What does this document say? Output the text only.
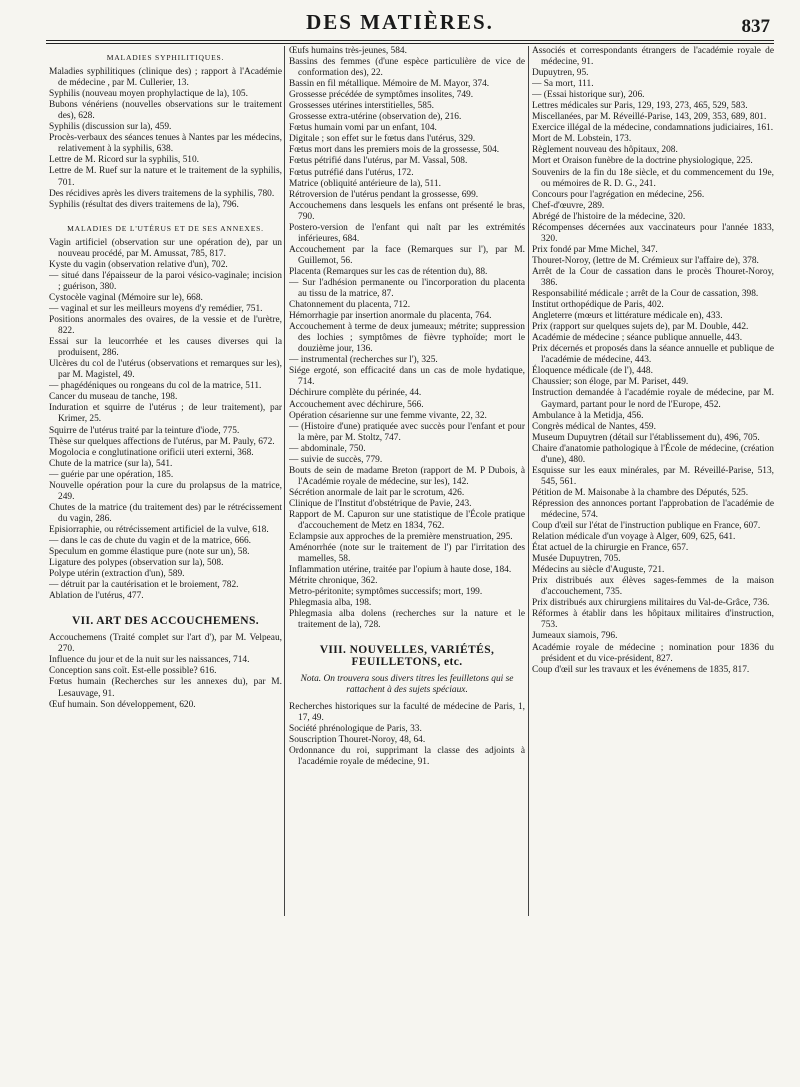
DES MATIÈRES.	837
MALADIES SYPHILITIQUES.

Maladies syphilitiques (clinique des) ; rapport à l'Académie de médecine , par M. Cullerier, 13.

Syphilis (nouveau moyen prophylactique de la), 105.

Bubons vénériens (nouvelles observations sur le traitement des), 628.

Syphilis (discussion sur la), 459.

Procès-verbaux des séances tenues à Nantes par les médecins, relativement à la syphilis, 638.

Lettre de M. Ricord sur la syphilis, 510.

Lettre de M. Ruef sur la nature et le traitement de la syphilis, 701.

Des récidives après les divers traitemens de la syphilis, 780.

Syphilis (résultat des divers traitemens de la), 796.

MALADIES DE L'UTÉRUS ET DE SES ANNEXES.

Vagin artificiel (observation sur une opération de), par un nouveau procédé, par M. Amussat, 785, 817.

Kyste du vagin (observation relative d'un), 702.

— situé dans l'épaisseur de la paroi vésico-vaginale; incision ; guérison, 380.

Cystocèle vaginal (Mémoire sur le), 668.

— vaginal et sur les meilleurs moyens d'y remédier, 751.

Positions anormales des ovaires, de la vessie et de l'urètre, 822.

Essai sur la leucorrhée et les causes diverses qui la produisent, 286.

Ulcères du col de l'utérus (observations et remarques sur les), par M. Magistel, 49.

— phagédéniques ou rongeans du col de la matrice, 511.

Cancer du museau de tanche, 198.

Induration et squirre de l'utérus ; de leur traitement), par Krimer, 25.

Squirre de l'utérus traité par la teinture d'iode, 775.

Thèse sur quelques affections de l'utérus, par M. Pauly, 672.

Mogolocia e conglutinatione orificii uteri externi, 368.

Chute de la matrice (sur la), 541.

— guérie par une opération, 185.

Nouvelle opération pour la cure du prolapsus de la matrice, 249.

Chutes de la matrice (du traitement des) par le rétrécissement du vagin, 286.

Episiorraphie, ou rétrécissement artificiel de la vulve, 618.

— dans le cas de chute du vagin et de la matrice, 666.

Speculum en gomme élastique pure (note sur un), 58.

Ligature des polypes (observation sur la), 508.

Polype utérin (extraction d'un), 589.

— détruit par la cautérisation et le broiement, 782.

Ablation de l'utérus, 477.

VII. ART DES ACCOUCHEMENS.

Accouchemens (Traité complet sur l'art d'), par M. Velpeau, 270.

Influence du jour et de la nuit sur les naissances, 714.

Conception sans coït. Est-elle possible? 616.

Fœtus humain (Recherches sur les annexes du), par M. Lesauvage, 91.

Œuf humain. Son développement, 620.

Œufs humains très-jeunes, 584.

Bassins des femmes (d'une espèce particulière de vice de conformation des), 22.

Bassin en fil métallique. Mémoire de M. Mayor, 374.

Grossesse précédée de symptômes insolites, 749.

Grossesses utérines interstitielles, 585.

Grossesse extra-utérine (observation de), 216.

Fœtus humain vomi par un enfant, 104.

Digitale ; son effet sur le fœtus dans l'utérus, 329.

Fœtus mort dans les premiers mois de la grossesse, 504.

Fœtus pétrifié dans l'utérus, par M. Vassal, 508.

Fœtus putréfié dans l'utérus, 172.

Matrice (obliquité antérieure de la), 511.

Rétroversion de l'utérus pendant la grossesse, 699.

Accouchemens dans lesquels les enfans ont présenté le bras, 790.

Postero-version de l'enfant qui naît par les extrémités inférieures, 684.

Accouchement par la face (Remarques sur l'), par M. Guillemot, 56.

Placenta (Remarques sur les cas de rétention du), 88.

— Sur l'adhésion permanente ou l'incorporation du placenta au tissu de la matrice, 87.

Chatonnement du placenta, 712.

Hémorrhagie par insertion anormale du placenta, 764.

Accouchement à terme de deux jumeaux; métrite; suppression des lochies ; symptômes de fièvre typhoïde; mort le douzième jour, 136.

— instrumental (recherches sur l'), 325.

Siége ergoté, son efficacité dans un cas de mole hydatique, 714.

Déchirure complète du périnée, 44.

Accouchement avec déchirure, 566.

Opération césarienne sur une femme vivante, 22, 32.

— (Histoire d'une) pratiquée avec succès pour l'enfant et pour la mère, par M. Stoltz, 747.

— abdominale, 750.

— suivie de succès, 779.

Bouts de sein de madame Breton (rapport de M. P Dubois, à l'Académie royale de médecine, sur les), 142.

Sécrétion anormale de lait par le scrotum, 426.

Clinique de l'Institut d'obstétrique de Pavie, 243.

Rapport de M. Capuron sur une statistique de l'École pratique d'accouchement de Metz en 1834, 762.

Eclampsie aux approches de la première menstruation, 295.

Aménorrhée (note sur le traitement de l') par l'irritation des mamelles, 58.

Inflammation utérine, traitée par l'opium à haute dose, 184.

Métrite chronique, 362.

Metro-péritonite; symptômes successifs; mort, 199.

Phlegmasia alba, 198.

Phlegmasia alba dolens (recherches sur la nature et le traitement de la), 728.

VIII. NOUVELLES, VARIÉTÉS, FEUILLETONS, etc.
Nota. On trouvera sous divers titres les feuilletons qui se rattachent à des sujets spéciaux.

Recherches historiques sur la faculté de médecine de Paris, 1, 17, 49.

Société phrénologique de Paris, 33.

Souscription Thouret-Noroy, 48, 64.

Ordonnance du roi, supprimant la classe des adjoints à l'académie royale de médecine, 91.

Associés et correspondants étrangers de l'académie royale de médecine, 91.

Dupuytren, 95.

— Sa mort, 111.

— (Essai historique sur), 206.

Lettres médicales sur Paris, 129, 193, 273, 465, 529, 583.

Miscellanées, par M. Réveillé-Parise, 143, 209, 353, 689, 801.

Exercice illégal de la médecine, condamnations judiciaires, 161.

Mort de M. Lobstein, 173.

Règlement nouveau des hôpitaux, 208.

Mort et Oraison funèbre de la doctrine physiologique, 225.

Souvenirs de la fin du 18e siècle, et du commencement du 19e, ou mémoires de R. D. G., 241.

Concours pour l'agrégation en médecine, 256.

Chef-d'œuvre, 289.

Abrégé de l'histoire de la médecine, 320.

Récompenses décernées aux vaccinateurs pour l'année 1833, 320.

Prix fondé par Mme Michel, 347.

Thouret-Noroy, (lettre de M. Crémieux sur l'affaire de), 378.

Arrêt de la Cour de cassation dans le procès Thouret-Noroy, 386.

Responsabilité médicale ; arrêt de la Cour de cassation, 398.

Institut orthopédique de Paris, 402.

Angleterre (mœurs et littérature médicale en), 433.

Prix (rapport sur quelques sujets de), par M. Double, 442.

Académie de médecine ; séance publique annuelle, 443.

Prix décernés et proposés dans la séance annuelle et publique de l'académie de médecine, 443.

Éloquence médicale (de l'), 448.

Chaussier; son éloge, par M. Pariset, 449.

Instruction demandée à l'académie royale de médecine, par M. Gaymard, partant pour le nord de l'Europe, 452.

Ambulance à la Metidja, 456.

Congrès médical de Nantes, 459.

Museum Dupuytren (détail sur l'établissement du), 496, 705.

Chaire d'anatomie pathologique à l'École de médecine, (création d'une), 480.

Esquisse sur les eaux minérales, par M. Réveillé-Parise, 513, 545, 561.

Pétition de M. Maisonabe à la chambre des Députés, 525.

Répression des annonces portant l'approbation de l'académie de médecine, 574.

Coup d'œil sur l'état de l'instruction publique en France, 607.

Relation médicale d'un voyage à Alger, 609, 625, 641.

État actuel de la chirurgie en France, 657.

Musée Dupuytren, 705.

Médecins au siècle d'Auguste, 721.

Prix distribués aux élèves sages-femmes de la maison d'accouchement, 735.

Prix distribués aux chirurgiens militaires du Val-de-Grâce, 736.

Réformes à établir dans les hôpitaux militaires d'instruction, 753.

Jumeaux siamois, 796.

Académie royale de médecine ; nomination pour 1836 du président et du vice-président, 827.

Coup d'œil sur les travaux et les événemens de 1835, 817.
